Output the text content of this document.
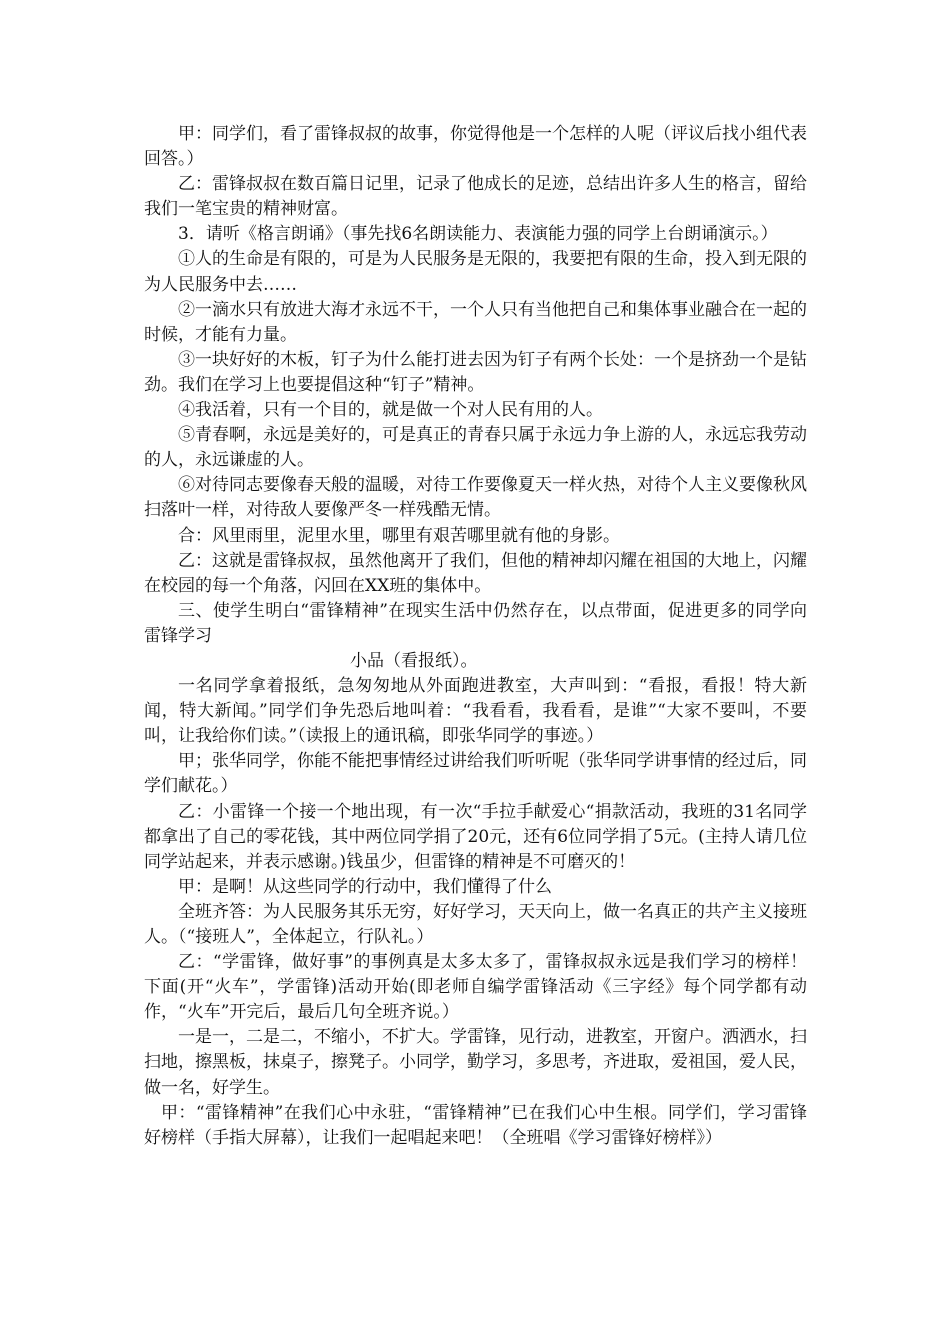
甲：同学们，看了雷锋叔叔的故事，你觉得他是一个怎样的人呢（评议后找小组代表回答。）

乙：雷锋叔叔在数百篇日记里，记录了他成长的足迹，总结出许多人生的格言，留给我们一笔宝贵的精神财富。

3．请听《格言朗诵》（事先找6名朗读能力、表演能力强的同学上台朗诵演示。）

①人的生命是有限的，可是为人民服务是无限的，我要把有限的生命，投入到无限的为人民服务中去……

②一滴水只有放进大海才永远不干，一个人只有当他把自己和集体事业融合在一起的时候，才能有力量。

③一块好好的木板，钉子为什么能打进去因为钉子有两个长处：一个是挤劲一个是钻劲。我们在学习上也要提倡这种“钉子”精神。

④我活着，只有一个目的，就是做一个对人民有用的人。

⑤青春啊，永远是美好的，可是真正的青春只属于永远力争上游的人，永远忘我劳动的人，永远谦虚的人。

⑥对待同志要像春天般的温暖，对待工作要像夏天一样火热，对待个人主义要像秋风扫落叶一样，对待敌人要像严冬一样残酷无情。

合：风里雨里，泥里水里，哪里有艰苦哪里就有他的身影。

乙：这就是雷锋叔叔，虽然他离开了我们，但他的精神却闪耀在祖国的大地上，闪耀在校园的每一个角落，闪回在XX班的集体中。

三、使学生明白“雷锋精神”在现实生活中仍然存在，以点带面，促进更多的同学向雷锋学习

小品（看报纸）。

一名同学拿着报纸，急匆匆地从外面跑进教室，大声叫到：“看报，看报！特大新闻，特大新闻。”同学们争先恐后地叫着：“我看看，我看看，是谁”“大家不要叫，不要叫，让我给你们读。”（读报上的通讯稿，即张华同学的事迹。）

甲；张华同学，你能不能把事情经过讲给我们听听呢（张华同学讲事情的经过后，同学们献花。）

乙：小雷锋一个接一个地出现，有一次“手拉手献爱心“捐款活动，我班的31名同学都拿出了自己的零花钱，其中两位同学捐了20元，还有6位同学捐了5元。(主持人请几位同学站起来，并表示感谢。)钱虽少，但雷锋的精神是不可磨灭的！

甲：是啊！从这些同学的行动中，我们懂得了什么

全班齐答：为人民服务其乐无穷，好好学习，天天向上，做一名真正的共产主义接班人。（“接班人”，全体起立，行队礼。）

乙：“学雷锋，做好事”的事例真是太多太多了，雷锋叔叔永远是我们学习的榜样！下面(开“火车”，学雷锋)活动开始(即老师自编学雷锋活动《三字经》每个同学都有动作，“火车”开完后，最后几句全班齐说。）

一是一，二是二，不缩小，不扩大。学雷锋，见行动，进教室，开窗户。洒洒水，扫扫地，擦黑板，抹桌子，擦凳子。小同学，勤学习，多思考，齐进取，爱祖国，爱人民，做一名，好学生。

甲：“雷锋精神”在我们心中永驻，“雷锋精神”已在我们心中生根。同学们，学习雷锋好榜样（手指大屏幕），让我们一起唱起来吧！（全班唱《学习雷锋好榜样》）
